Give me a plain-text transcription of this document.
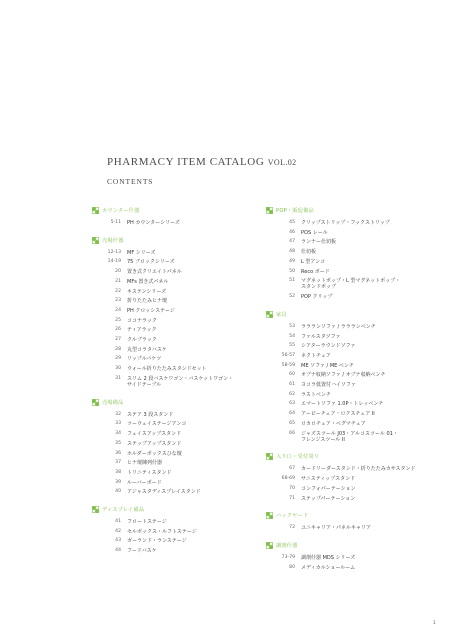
PHARMACY ITEM CATALOG VOL.02
CONTENTS
カウンター什器
5-11	PH カウンターシリーズ
売場什器
12-13	MF シリーズ
14-19	75 ブロックシリーズ
20	置き式クリエイトパネル
21	MFs 置き式パネル
22	キステンシリーズ
23	折りたたみヒナ壇
24	PH クロッシステージ
25	ココナラック
26	ティアラック
27	クルブラック
28	丸型コラタバスケ
29	リップルバケツ
30	ウォール折りたたみスタンドセット
31	スリム 2 段バスケワゴン・バスケットワゴン・
サイドテーブル
売場備品
32	ステア 3 段スタンド
33	ツーウェイステージアンコ
34	フェイスアップスタンド
35	ステップアップスタンド
36	ホルダーボックスひな壇
37	ヒナ壇陳列什器
38	トリニティスタンド
39	ルーバーボード
40	アジャスタディスプレイスタンド
ディスプレイ備品
41	フロートステージ
42	セルボックス・ルフトステージ
43	ガーランド・ランステージ
44	フードバスケ
POP・販促備品
45	クリップストリップ・フックストリップ
46	POS レール
47	ランナー仕切板
48	仕切板
49	L 型アンコ
50	Reco ボード
51	マグネットポップ・L 型マグネットポップ・
スタンドポップ
52	POP クリップ
家具
53	ララランソファ / ララランベンチ
54	ファルスタソファ
55	シアターラウンドソファ
56-57	ネクトチェア
58-59	ME ソファ / ME ベンチ
60	オブナ収納ソファ / オブナ収納ベンチ
61	ヨコラ低置付ハイソファ
62	ラストベンチ
63	エマートソファ 1.0P・トレッベンチ
64	アービーチェア・ロクスチェア II
65	ロカロチェア・ベグマチェア
66	ジャズスツール J03・アルコスツール 01・
フレンジスツール II
入り口・受付周り
67	カードリーダースタンド・折りたたみカサスタンド
68-69	サニスティップスタンド
70	コンフォパーテーション
71	ステップパーテーション
バックヤード
72	ユニキャリア・パネルキャリア
調剤什器
73-79	調剤什器 MDS シリーズ
80	メディカルショールーム
1
